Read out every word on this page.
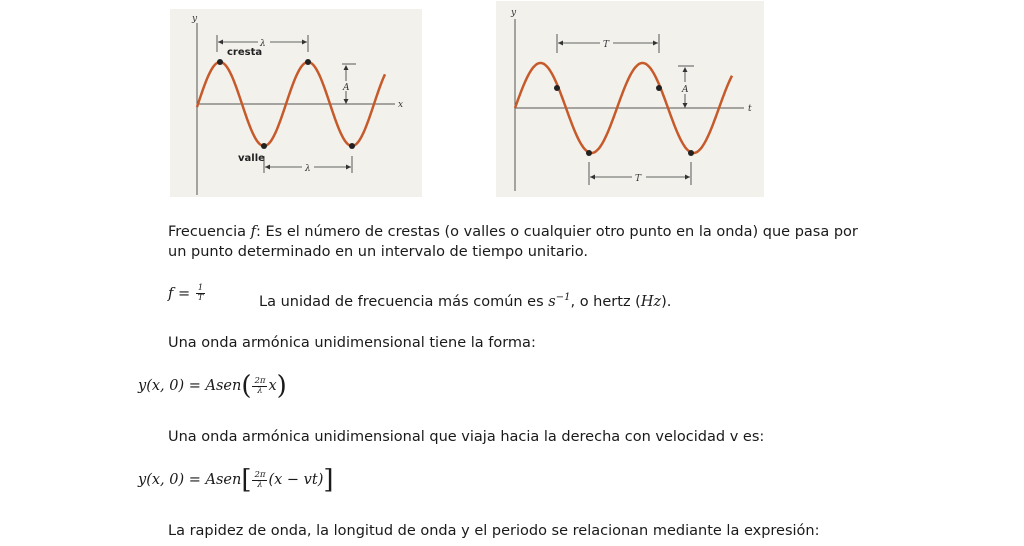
y
x
λ
cresta
A
valle
λ
y
t
T
A
T

Frecuencia f: Es el número de crestas (o valles o cualquier otro punto en la onda) que pasa por

un punto determinado en un intervalo de tiempo unitario.

f =
$\frac{1}{T}$	La unidad de frecuencia más común es $s^{-1}$, o hertz (Hz).

Una onda armónica unidimensional tiene la forma:

y(x, 0) = Asen ( $\frac{2\pi}{\lambda}$ x )

Una onda armónica unidimensional que viaja hacia la derecha con velocidad v es:

y(x, 0) = Asen [ $\frac{2\pi}{\lambda} (x - vt)$ ]

La rapidez de onda, la longitud de onda y el periodo se relacionan mediante la expresión:
